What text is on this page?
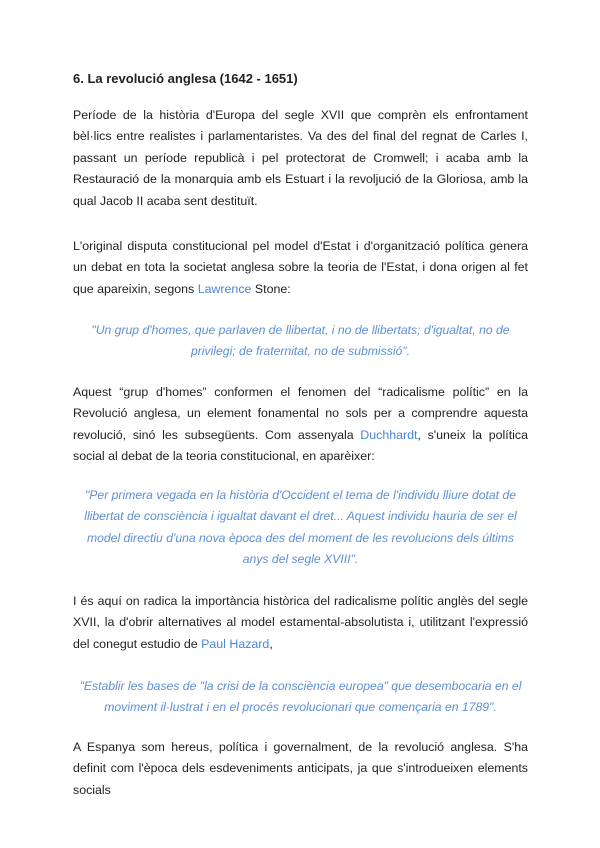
6. La revolució anglesa (1642 - 1651)
Període de la història d'Europa del segle XVII que comprèn els enfrontament bèl·lics entre realistes i parlamentaristes. Va des del final del regnat de Carles I, passant un període republicà i pel protectorat de Cromwell; i acaba amb la Restauració de la monarquia amb els Estuart i la revoljució de la Gloriosa, amb la qual Jacob II acaba sent destituït.
L'original disputa constitucional pel model d'Estat i d'organització política genera un debat en tota la societat anglesa sobre la teoria de l'Estat, i dona origen al fet que apareixin, segons Lawrence Stone:
"Un grup d'homes, que parlaven de llibertat, i no de llibertats; d'igualtat, no de privilegi; de fraternitat, no de submissió".
Aquest “grup d'homes” conformen el fenomen del “radicalisme polític” en la Revolució anglesa, un element fonamental no sols per a comprendre aquesta revolució, sinó les subsegüents. Com assenyala Duchhardt, s'uneix la política social al debat de la teoria constitucional, en aparèixer:
"Per primera vegada en la història d'Occident el tema de l'individu lliure dotat de llibertat de consciència i igualtat davant el dret... Aquest individu hauria de ser el model directiu d'una nova època des del moment de les revolucions dels últims anys del segle XVIII".
I és aquí on radica la importància històrica del radicalisme polític anglès del segle XVII, la d'obrir alternatives al model estamental-absolutista i, utilitzant l'expressió del conegut estudio de Paul Hazard,
"Establir les bases de "la crisi de la consciència europea" que desembocaria en el moviment il·lustrat i en el procés revolucionari que començaria en 1789".
A Espanya som hereus, política i governalment, de la revolució anglesa. S'ha definit com l'època dels esdeveniments anticipats, ja que s'introdueixen elements socials
